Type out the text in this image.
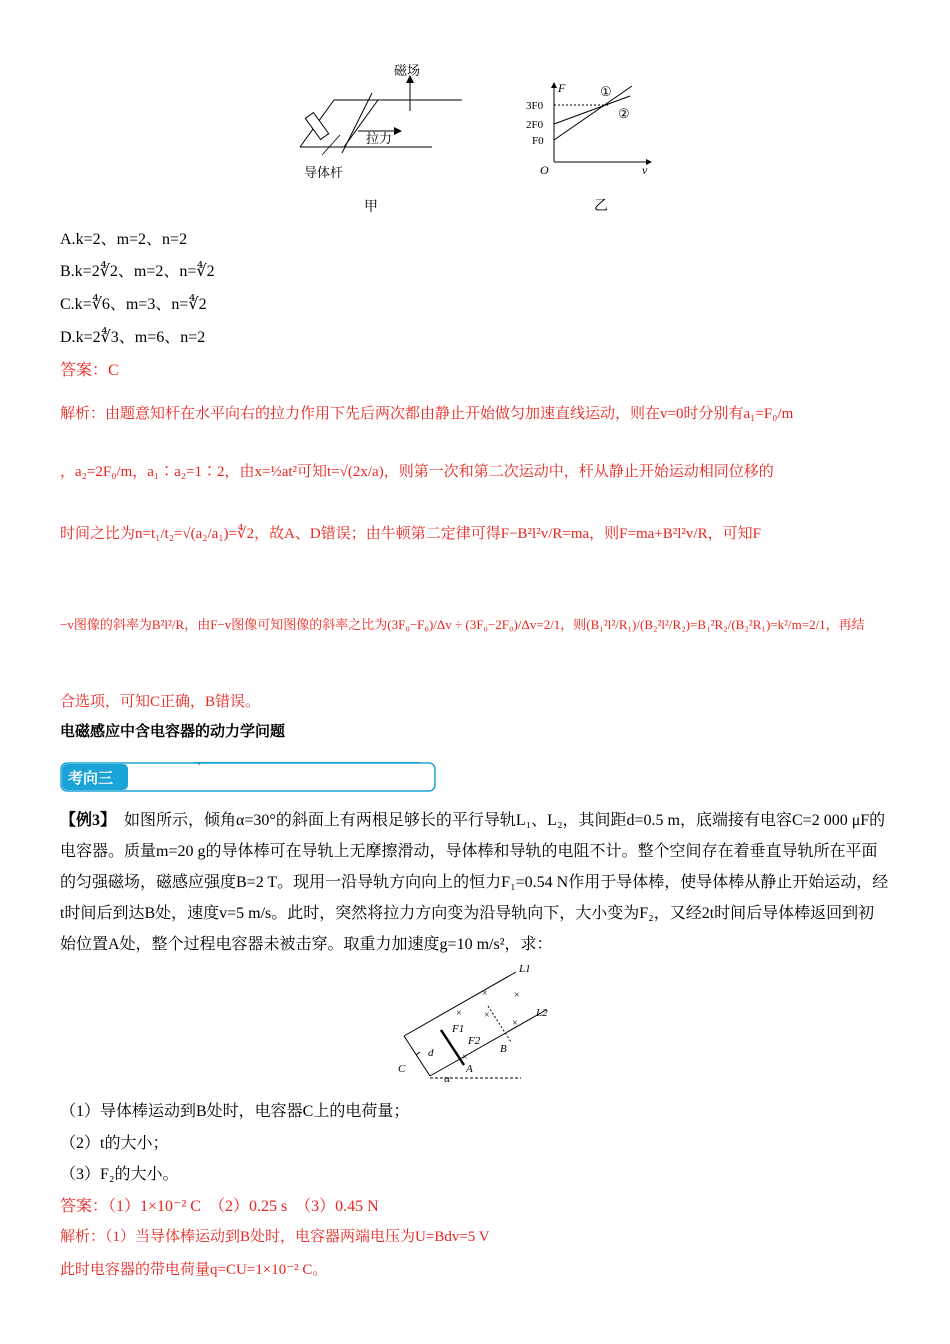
磁场
拉力
导体杆
甲
F
v
O
3F0
2F0
F0
①
②
乙
A.k=2、m=2、n=2
B.k=2∜2、m=2、n=∜2
C.k=∜6、m=3、n=∜2
D.k=2∜3、m=6、n=2
答案：C
解析：由题意知杆在水平向右的拉力作用下先后两次都由静止开始做匀加速直线运动，则在v=0时分别有a₁=F₀/m
，a₂=2F₀/m，a₁∶a₂=1∶2，由x=½at²可知t=√(2x/a)，则第一次和第二次运动中，杆从静止开始运动相同位移的
时间之比为n=t₁/t₂=√(a₂/a₁)=∜2，故A、D错误；由牛顿第二定律可得F−B²l²v/R=ma，则F=ma+B²l²v/R，可知F
−v图像的斜率为B²l²/R，由F−v图像可知图像的斜率之比为(3F₀−F₀)/Δv ÷ (3F₀−2F₀)/Δv=2/1，则(B₁²l²/R₁)/(B₂²l²/R₂)=B₁²R₂/(B₂²R₁)=k²/m=2/1，再结
合选项，可知C正确，B错误。
电磁感应中含电容器的动力学问题
考向三
【例3】 如图所示，倾角α=30°的斜面上有两根足够长的平行导轨L₁、L₂，其间距d=0.5 m，底端接有电容C=2 000 μF的电容器。质量m=20 g的导体棒可在导轨上无摩擦滑动，导体棒和导轨的电阻不计。整个空间存在着垂直导轨所在平面的匀强磁场，磁感应强度B=2 T。现用一沿导轨方向向上的恒力F₁=0.54 N作用于导体棒，使导体棒从静止开始运动，经t时间后到达B处，速度v=5 m/s。此时，突然将拉力方向变为沿导轨向下，大小变为F₂，又经2t时间后导体棒返回到初始位置A处，整个过程电容器未被击穿。取重力加速度g=10 m/s²，求：
L1
L2
F1
F2
B
A
C
d
α
×	×
× ×
×
×
（1）导体棒运动到B处时，电容器C上的电荷量；
（2）t的大小；
（3）F₂的大小。
答案：（1）1×10⁻² C　（2）0.25 s　（3）0.45 N
解析：（1）当导体棒运动到B处时，电容器两端电压为U=Bdv=5 V
此时电容器的带电荷量q=CU=1×10⁻² C。
